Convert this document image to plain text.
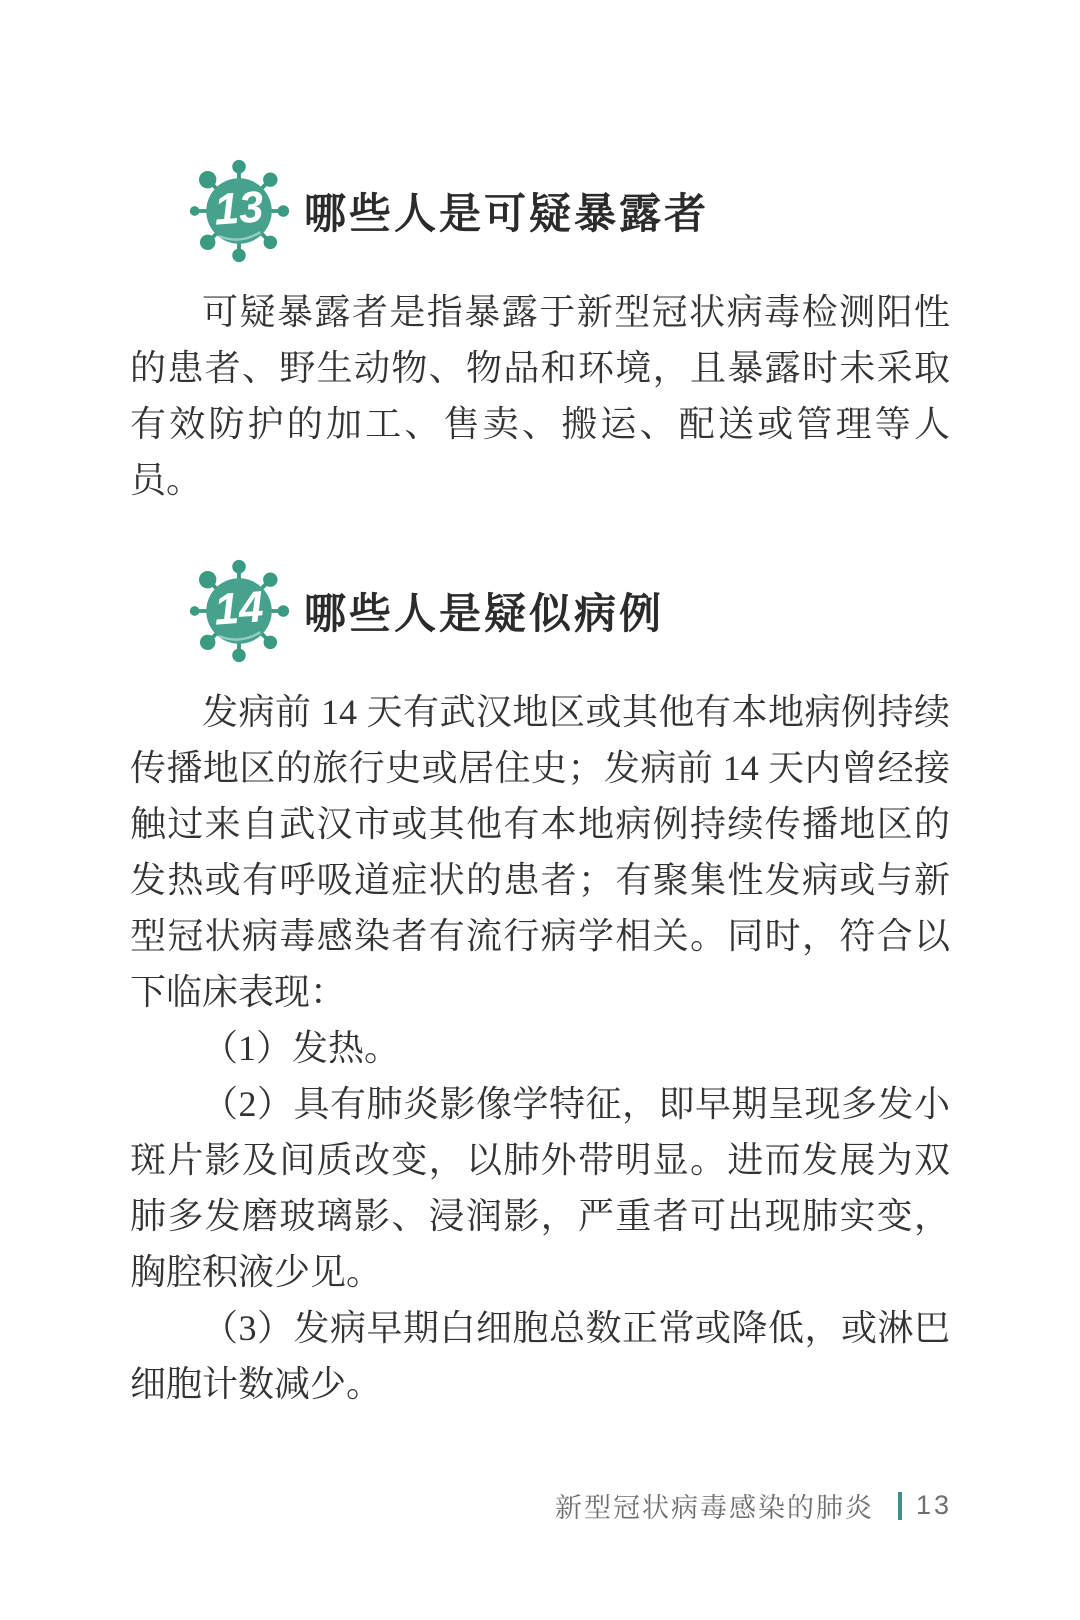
13 哪些人是可疑暴露者

可疑暴露者是指暴露于新型冠状病毒检测阳性的患者、野生动物、物品和环境，且暴露时未采取有效防护的加工、售卖、搬运、配送或管理等人员。

14 哪些人是疑似病例

发病前 14 天有武汉地区或其他有本地病例持续传播地区的旅行史或居住史；发病前 14 天内曾经接触过来自武汉市或其他有本地病例持续传播地区的发热或有呼吸道症状的患者；有聚集性发病或与新型冠状病毒感染者有流行病学相关。同时，符合以下临床表现：

（1）发热。

（2）具有肺炎影像学特征，即早期呈现多发小斑片影及间质改变，以肺外带明显。进而发展为双肺多发磨玻璃影、浸润影，严重者可出现肺实变，胸腔积液少见。

（3）发病早期白细胞总数正常或降低，或淋巴细胞计数减少。

新型冠状病毒感染的肺炎 13
